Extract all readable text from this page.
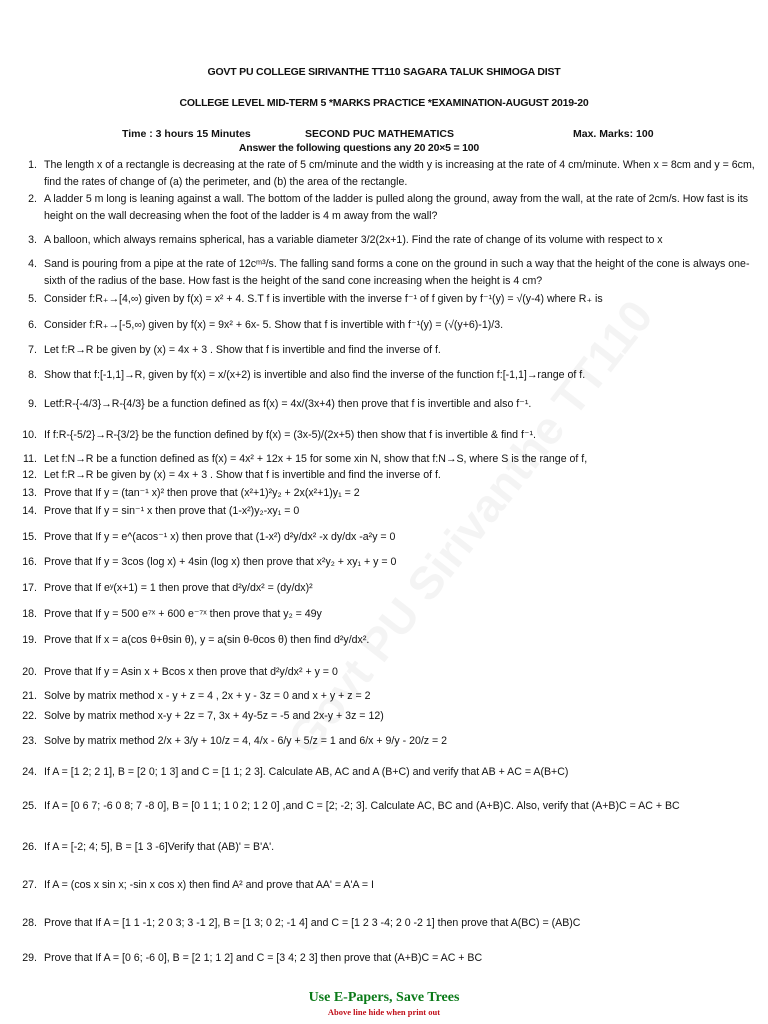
GOVT PU COLLEGE SIRIVANTHE TT110 SAGARA TALUK SHIMOGA DIST
COLLEGE LEVEL MID-TERM 5 *MARKS PRACTICE *EXAMINATION-AUGUST 2019-20
Time : 3 hours 15 Minutes	SECOND PUC MATHEMATICS	Max. Marks: 100
Answer the following questions any 20 20×5 = 100
1. The length x of a rectangle is decreasing at the rate of 5 cm/minute and the width y is increasing at the rate of 4 cm/minute. When x = 8cm and y = 6cm, find the rates of change of (a) the perimeter, and (b) the area of the rectangle.
2. A ladder 5 m long is leaning against a wall. The bottom of the ladder is pulled along the ground, away from the wall, at the rate of 2cm/s. How fast is its height on the wall decreasing when the foot of the ladder is 4 m away from the wall?
3. A balloon, which always remains spherical, has a variable diameter 3/2(2x+1). Find the rate of change of its volume with respect to x
4. Sand is pouring from a pipe at the rate of 12cᵐ³/s. The falling sand forms a cone on the ground in such a way that the height of the cone is always one-sixth of the radius of the base. How fast is the height of the sand cone increasing when the height is 4 cm?
5. Consider f:R₊→[4,∞) given by f(x) = x² + 4. S.T f is invertible with the inverse f⁻¹ of f given by f⁻¹(y) = √(y-4) where R₊ is
6. Consider f:R₊→[-5,∞) given by f(x) = 9x² + 6x- 5. Show that f is invertible with f⁻¹(y) = (√(y+6)-1)/3.
7. Let f:R→R be given by (x) = 4x + 3 . Show that f is invertible and find the inverse of f.
8. Show that f:[-1,1]→R, given by f(x) = x/(x+2) is invertible and also find the inverse of the function f:[-1,1]→range of f.
9. Letf:R-{-4/3}→R-{4/3} be a function defined as f(x) = 4x/(3x+4) then prove that f is invertible and also f⁻¹.
10. If f:R-{-5/2}→R-{3/2} be the function defined by f(x) = (3x-5)/(2x+5) then show that f is invertible & find f⁻¹.
11. Let f:N→R be a function defined as f(x) = 4x² + 12x + 15 for some xin N, show that f:N→S, where S is the range of f,
12. Let f:R→R be given by (x) = 4x + 3 . Show that f is invertible and find the inverse of f.
13. Prove that If y = (tan⁻¹ x)² then prove that (x²+1)²y₂ + 2x(x²+1)y₁ = 2
14. Prove that If y = sin⁻¹ x then prove that (1-x²)y₂-xy₁ = 0
15. Prove that If y = e^(acos⁻¹ x) then prove that (1-x²) d²y/dx² -x dy/dx -a²y = 0
16. Prove that If y = 3cos (log x) + 4sin (log x) then prove that x²y₂ + xy₁ + y = 0
17. Prove that If eʸ(x+1) = 1 then prove that d²y/dx² = (dy/dx)²
18. Prove that If y = 500 e⁷ˣ + 600 e⁻⁷ˣ then prove that y₂ = 49y
19. Prove that If x = a(cos θ+θsin θ), y = a(sin θ-θcos θ) then find d²y/dx².
20. Prove that If y = Asin x + Bcos x then prove that d²y/dx² + y = 0
21. Solve by matrix method x - y + z = 4 , 2x + y - 3z = 0 and x + y + z = 2
22. Solve by matrix method x-y + 2z = 7, 3x + 4y-5z = -5 and 2x-y + 3z = 12)
23. Solve by matrix method 2/x + 3/y + 10/z = 4, 4/x - 6/y + 5/z = 1 and 6/x + 9/y - 20/z = 2
24. If A = [1 2; 2 1], B = [2 0; 1 3] and C = [1 1; 2 3]. Calculate AB, AC and A (B+C) and verify that AB + AC = A(B+C)
25. If A = [0 6 7; -6 0 8; 7 -8 0], B = [0 1 1; 1 0 2; 1 2 0] ,and C = [2; -2; 3]. Calculate AC, BC and (A+B)C. Also, verify that (A+B)C = AC + BC
26. If A = [-2; 4; 5], B = [1 3 -6]Verify that (AB)' = B'A'.
27. If A = (cos x sin x; -sin x cos x) then find A² and prove that AA' = A'A = I
28. Prove that If A = [1 1 -1; 2 0 3; 3 -1 2], B = [1 3; 0 2; -1 4] and C = [1 2 3 -4; 2 0 -2 1] then prove that A(BC) = (AB)C
29. Prove that If A = [0 6; -6 0], B = [2 1; 1 2] and C = [3 4; 2 3] then prove that (A+B)C = AC + BC
Use E-Papers, Save Trees
Above line hide when print out
